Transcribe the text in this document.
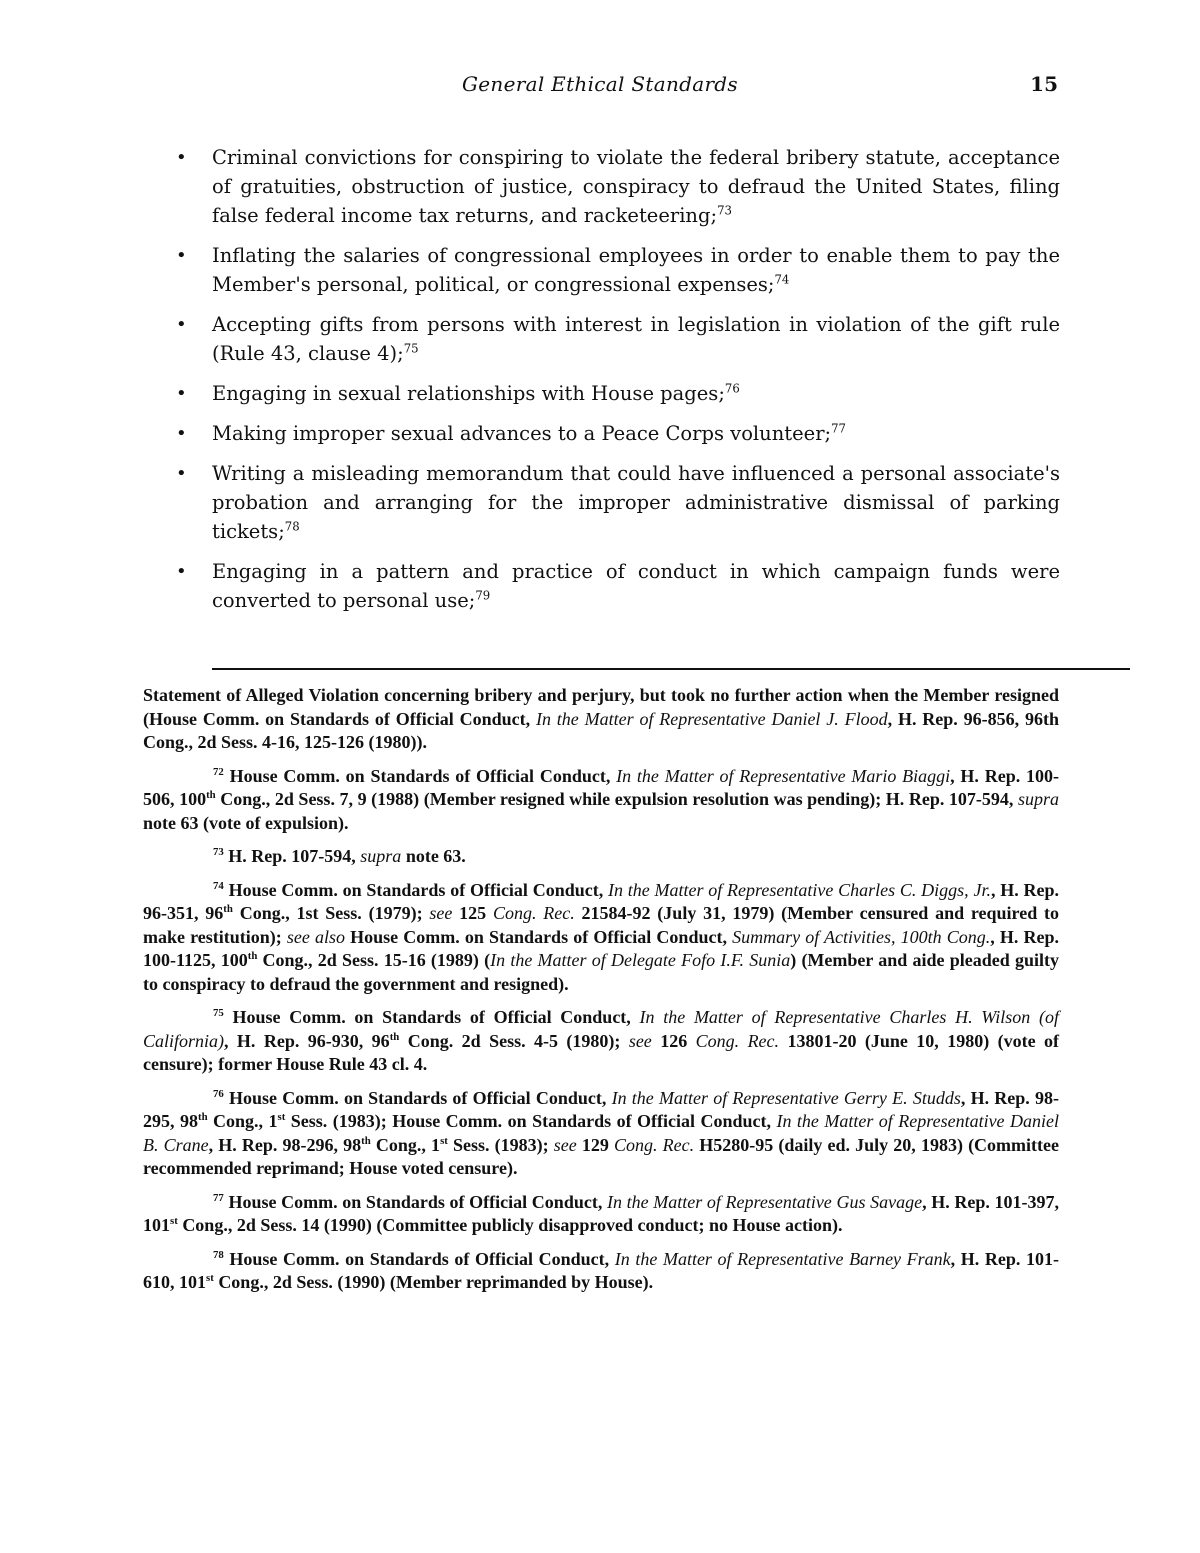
General Ethical Standards	15
• Criminal convictions for conspiring to violate the federal bribery statute, acceptance of gratuities, obstruction of justice, conspiracy to defraud the United States, filing false federal income tax returns, and racketeering;$^{73}$
• Inflating the salaries of congressional employees in order to enable them to pay the Member's personal, political, or congressional expenses;$^{74}$
• Accepting gifts from persons with interest in legislation in violation of the gift rule (Rule 43, clause 4);$^{75}$
• Engaging in sexual relationships with House pages;$^{76}$
• Making improper sexual advances to a Peace Corps volunteer;$^{77}$
• Writing a misleading memorandum that could have influenced a personal associate's probation and arranging for the improper administrative dismissal of parking tickets;$^{78}$
• Engaging in a pattern and practice of conduct in which campaign funds were converted to personal use;$^{79}$

Statement of Alleged Violation concerning bribery and perjury, but took no further action when the Member resigned (House Comm. on Standards of Official Conduct, In the Matter of Representative Daniel J. Flood, H. Rep. 96-856, 96th Cong., 2d Sess. 4-16, 125-126 (1980)).

$^{72}$ House Comm. on Standards of Official Conduct, In the Matter of Representative Mario Biaggi, H. Rep. 100-506, 100th Cong., 2d Sess. 7, 9 (1988) (Member resigned while expulsion resolution was pending); H. Rep. 107-594, supra note 63 (vote of expulsion).

$^{73}$ H. Rep. 107-594, supra note 63.

$^{74}$ House Comm. on Standards of Official Conduct, In the Matter of Representative Charles C. Diggs, Jr., H. Rep. 96-351, 96th Cong., 1st Sess. (1979); see 125 Cong. Rec. 21584-92 (July 31, 1979) (Member censured and required to make restitution); see also House Comm. on Standards of Official Conduct, Summary of Activities, 100th Cong., H. Rep. 100-1125, 100th Cong., 2d Sess. 15-16 (1989) (In the Matter of Delegate Fofo I.F. Sunia) (Member and aide pleaded guilty to conspiracy to defraud the government and resigned).

$^{75}$ House Comm. on Standards of Official Conduct, In the Matter of Representative Charles H. Wilson (of California), H. Rep. 96-930, 96th Cong. 2d Sess. 4-5 (1980); see 126 Cong. Rec. 13801-20 (June 10, 1980) (vote of censure); former House Rule 43 cl. 4.

$^{76}$ House Comm. on Standards of Official Conduct, In the Matter of Representative Gerry E. Studds, H. Rep. 98-295, 98th Cong., 1st Sess. (1983); House Comm. on Standards of Official Conduct, In the Matter of Representative Daniel B. Crane, H. Rep. 98-296, 98th Cong., 1st Sess. (1983); see 129 Cong. Rec. H5280-95 (daily ed. July 20, 1983) (Committee recommended reprimand; House voted censure).

$^{77}$ House Comm. on Standards of Official Conduct, In the Matter of Representative Gus Savage, H. Rep. 101-397, 101st Cong., 2d Sess. 14 (1990) (Committee publicly disapproved conduct; no House action).

$^{78}$ House Comm. on Standards of Official Conduct, In the Matter of Representative Barney Frank, H. Rep. 101-610, 101st Cong., 2d Sess. (1990) (Member reprimanded by House).
